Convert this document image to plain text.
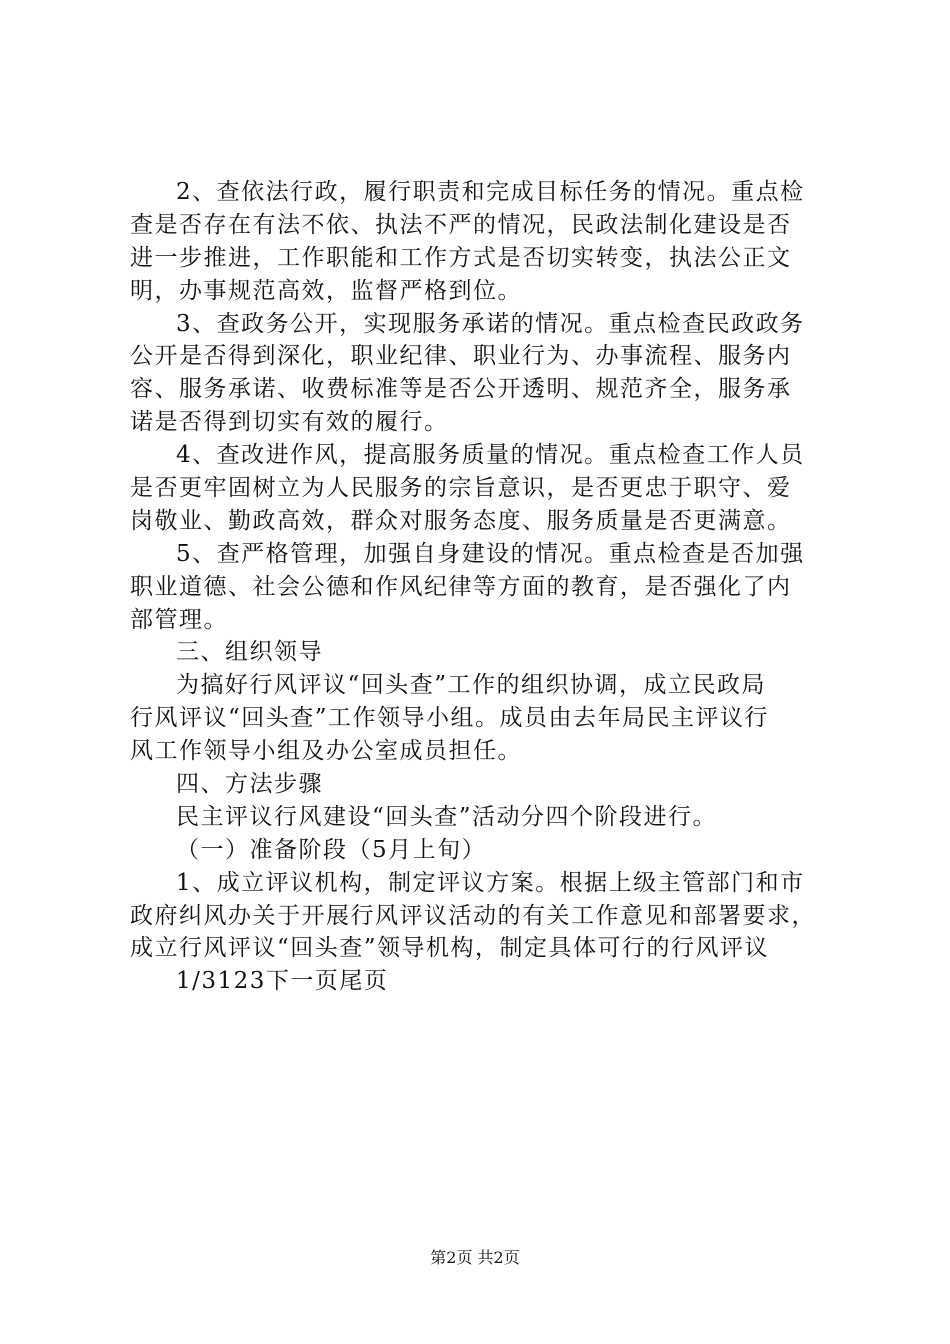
2、查依法行政，履行职责和完成目标任务的情况。重点检
查是否存在有法不依、执法不严的情况，民政法制化建设是否
进一步推进，工作职能和工作方式是否切实转变，执法公正文
明，办事规范高效，监督严格到位。
3、查政务公开，实现服务承诺的情况。重点检查民政政务
公开是否得到深化，职业纪律、职业行为、办事流程、服务内
容、服务承诺、收费标准等是否公开透明、规范齐全，服务承
诺是否得到切实有效的履行。
4、查改进作风，提高服务质量的情况。重点检查工作人员
是否更牢固树立为人民服务的宗旨意识，是否更忠于职守、爱
岗敬业、勤政高效，群众对服务态度、服务质量是否更满意。
5、查严格管理，加强自身建设的情况。重点检查是否加强
职业道德、社会公德和作风纪律等方面的教育，是否强化了内
部管理。
三、组织领导
为搞好行风评议“回头查”工作的组织协调，成立民政局
行风评议“回头查”工作领导小组。成员由去年局民主评议行
风工作领导小组及办公室成员担任。
四、方法步骤
民主评议行风建设“回头查”活动分四个阶段进行。
（一）准备阶段（5月上旬）
1、成立评议机构，制定评议方案。根据上级主管部门和市
政府纠风办关于开展行风评议活动的有关工作意见和部署要求，
成立行风评议“回头查”领导机构，制定具体可行的行风评议
1/3123下一页尾页
第2页 共2页
